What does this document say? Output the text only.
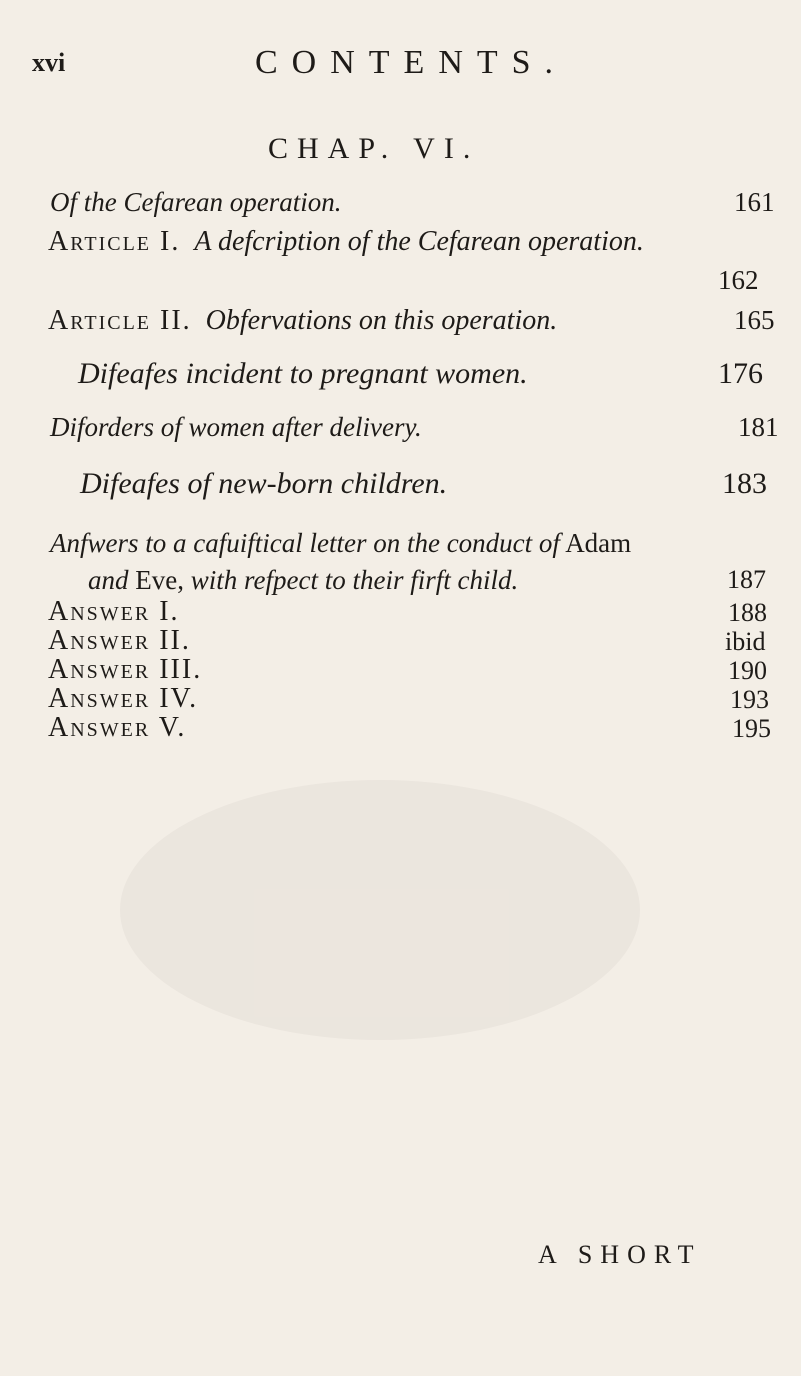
xvi	CONTENTS.
CHAP. VI.
Of the Cefarean operation.	161
Article I. A defcription of the Cefarean operation.
162
Article II. Obfervations on this operation.	165
Difeafes incident to pregnant women.	176
Diforders of women after delivery.	181
Difeafes of new-born children.	183
Anfwers to a cafuiftical letter on the conduct of Adam
and Eve, with refpect to their firft child.	187
Answer I.	188
Answer II.	ibid
Answer III.	190
Answer IV.	193
Answer V.	195
A SHORT
